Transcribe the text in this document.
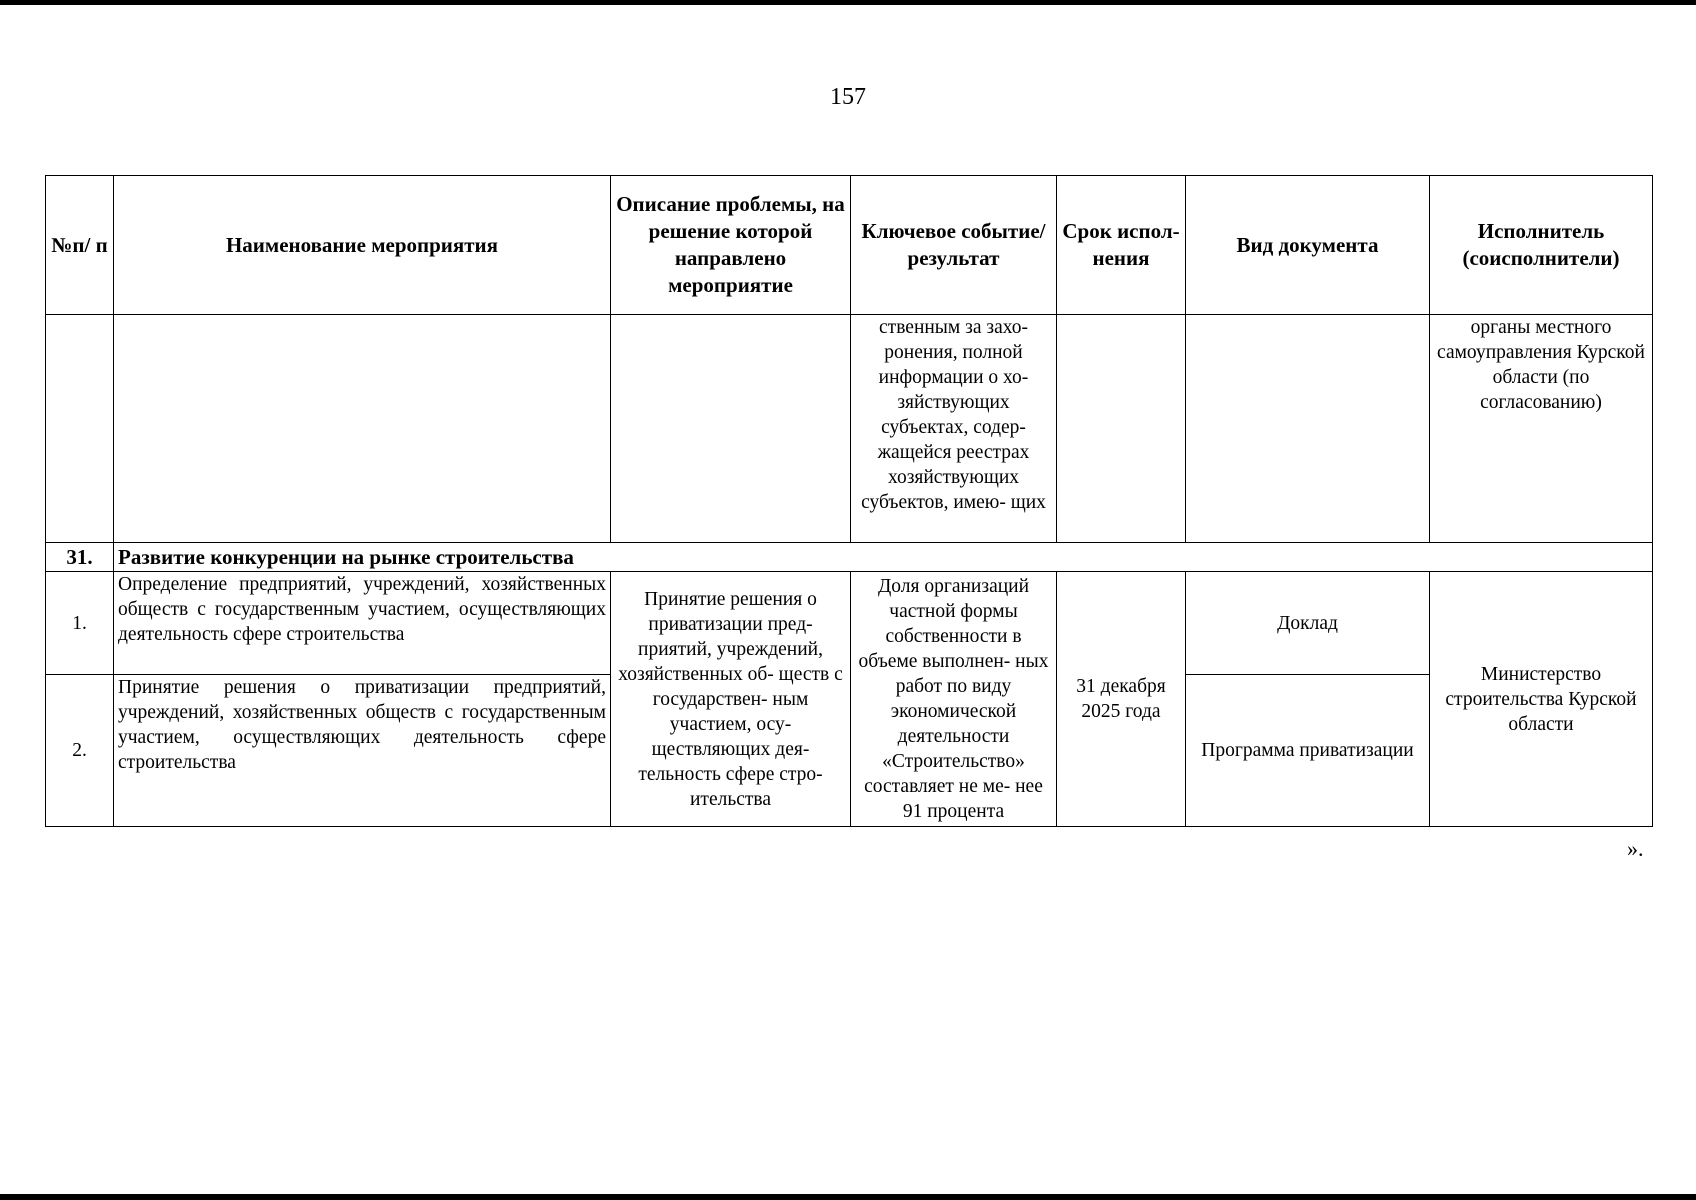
157
№п/ п	Наименование мероприятия	Описание проблемы, на решение которой направлено мероприятие	Ключевое событие/ результат	Срок испол- нения	Вид документа	Исполнитель (соисполнители)
			ственным за захо- ронения, полной информации о хо- зяйствующих субъектах, содер- жащейся реестрах хозяйствующих субъектов, имею- щих			органы местного самоуправления Курской области (по согласованию)
31.	Развитие конкуренции на рынке строительства					
1.	Определение предприятий, учреждений, хозяйственных обществ с государственным участием, осуществляющих деятельность сфере строительства	Принятие решения о приватизации пред- приятий, учреждений, хозяйственных об- ществ с государствен- ным участием, осу- ществляющих дея- тельность сфере стро- ительства	Доля организаций частной формы собственности в объеме выполнен- ных работ по виду экономической деятельности «Строительство» составляет не ме- нее 91 процента	31 декабря 2025 года	Доклад	Министерство строительства Курской области
2.	Принятие решения о приватизации предприятий, учреждений, хозяйственных обществ с государственным участием, осуществляющих деятельность сфере строительства				Программа приватизации	
».
